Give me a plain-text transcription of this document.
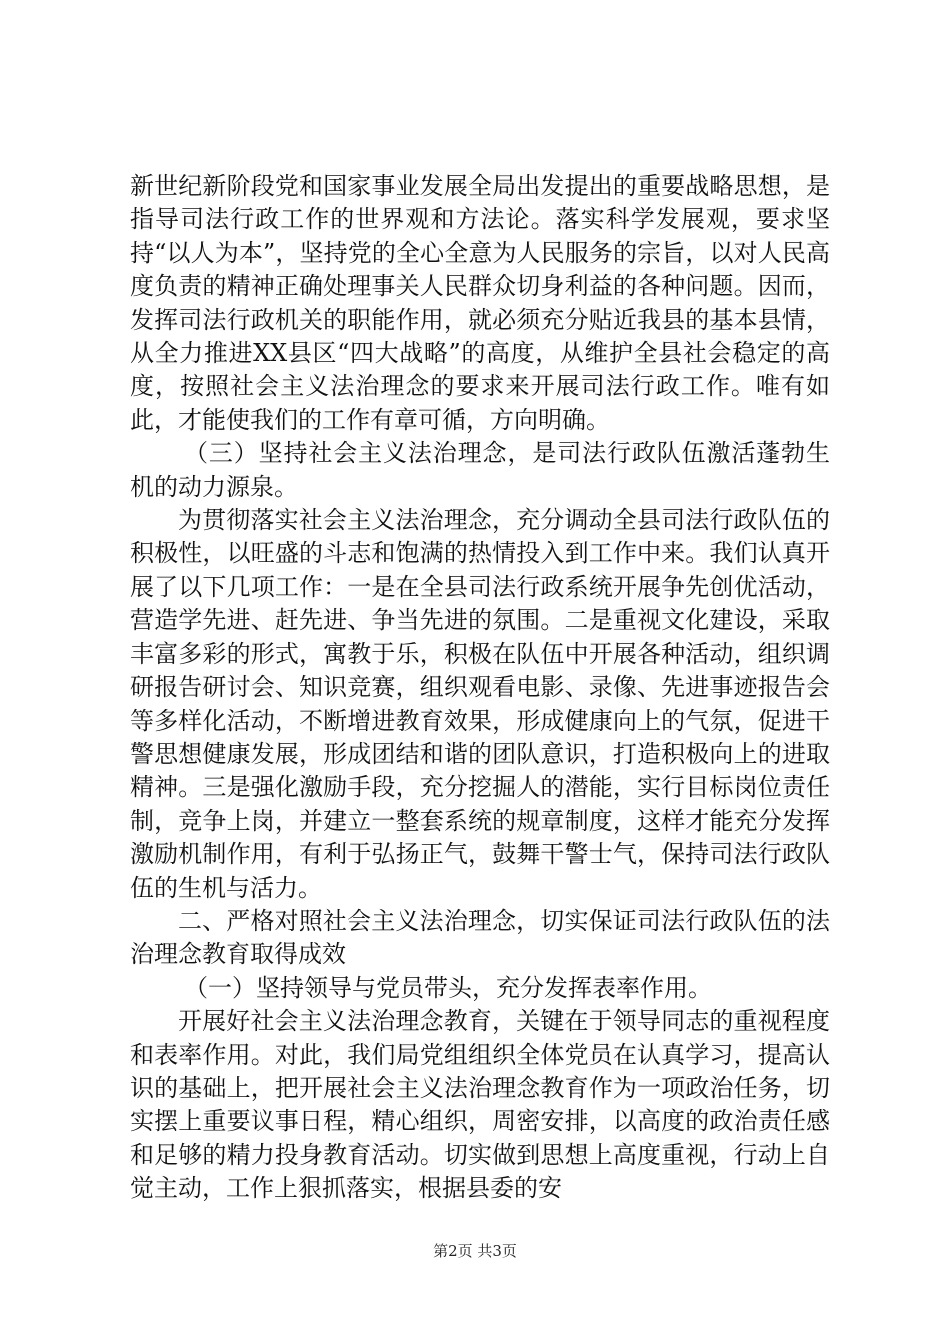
新世纪新阶段党和国家事业发展全局出发提出的重要战略思想，是指导司法行政工作的世界观和方法论。落实科学发展观，要求坚持“以人为本”，坚持党的全心全意为人民服务的宗旨，以对人民高度负责的精神正确处理事关人民群众切身利益的各种问题。因而，发挥司法行政机关的职能作用，就必须充分贴近我县的基本县情，从全力推进XX县区“四大战略”的高度，从维护全县社会稳定的高度，按照社会主义法治理念的要求来开展司法行政工作。唯有如此，才能使我们的工作有章可循，方向明确。

（三）坚持社会主义法治理念，是司法行政队伍激活蓬勃生机的动力源泉。

为贯彻落实社会主义法治理念，充分调动全县司法行政队伍的积极性，以旺盛的斗志和饱满的热情投入到工作中来。我们认真开展了以下几项工作：一是在全县司法行政系统开展争先创优活动，营造学先进、赶先进、争当先进的氛围。二是重视文化建设，采取丰富多彩的形式，寓教于乐，积极在队伍中开展各种活动，组织调研报告研讨会、知识竞赛，组织观看电影、录像、先进事迹报告会等多样化活动，不断增进教育效果，形成健康向上的气氛，促进干警思想健康发展，形成团结和谐的团队意识，打造积极向上的进取精神。三是强化激励手段，充分挖掘人的潜能，实行目标岗位责任制，竞争上岗，并建立一整套系统的规章制度，这样才能充分发挥激励机制作用，有利于弘扬正气，鼓舞干警士气，保持司法行政队伍的生机与活力。

二、严格对照社会主义法治理念，切实保证司法行政队伍的法治理念教育取得成效

（一）坚持领导与党员带头，充分发挥表率作用。

开展好社会主义法治理念教育，关键在于领导同志的重视程度和表率作用。对此，我们局党组组织全体党员在认真学习，提高认识的基础上，把开展社会主义法治理念教育作为一项政治任务，切实摆上重要议事日程，精心组织，周密安排，以高度的政治责任感和足够的精力投身教育活动。切实做到思想上高度重视，行动上自觉主动，工作上狠抓落实，根据县委的安

第2页 共3页
